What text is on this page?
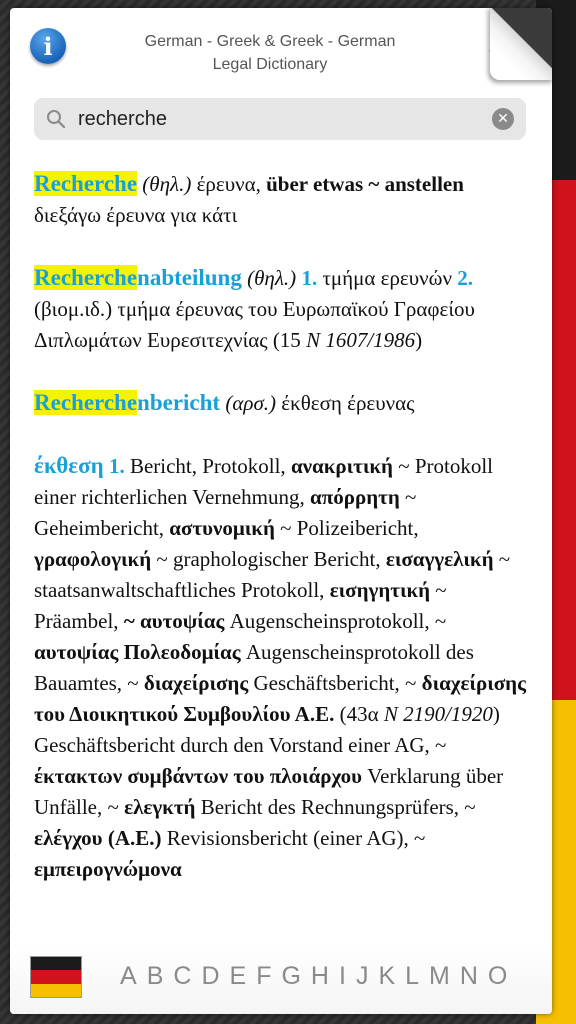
i	German - Greek & Greek - German
Legal Dictionary
recherche
✕
Recherche (θηλ.) έρευνα, über etwas ~ anstellen διεξάγω έρευνα για κάτι
Recherchenabteilung (θηλ.) 1. τμήμα ερευνών 2. (βιομ.ιδ.) τμήμα έρευνας του Ευρωπαϊκού Γραφείου Διπλωμάτων Ευρεσιτεχνίας (15 Ν 1607/1986)
Recherchenbericht (αρσ.) έκθεση έρευνας
έκθεση 1. Bericht, Protokoll, ανακριτική ~ Protokoll einer richterlichen Vernehmung, απόρρητη ~ Geheimbericht, αστυνομική ~ Polizeibericht, γραφολογική ~ graphologischer Bericht, εισαγγελική ~ staatsanwaltschaftliches Protokoll, εισηγητική ~ Präambel, ~ αυτοψίας Augenscheinsprotokoll, ~ αυτοψίας Πολεοδομίας Augenscheinsprotokoll des Bauamtes, ~ διαχείρισης Geschäftsbericht, ~ διαχείρισης του Διοικητικού Συμβουλίου Α.Ε. (43α Ν 2190/1920) Geschäftsbericht durch den Vorstand einer AG, ~ έκτακτων συμβάντων του πλοιάρχου Verklarung über Unfälle, ~ ελεγκτή Bericht des Rechnungsprüfers, ~ ελέγχου (Α.Ε.) Revisionsbericht (einer AG), ~ εμπειρογνώμονα
A B C D E F G H I J K L M N O
